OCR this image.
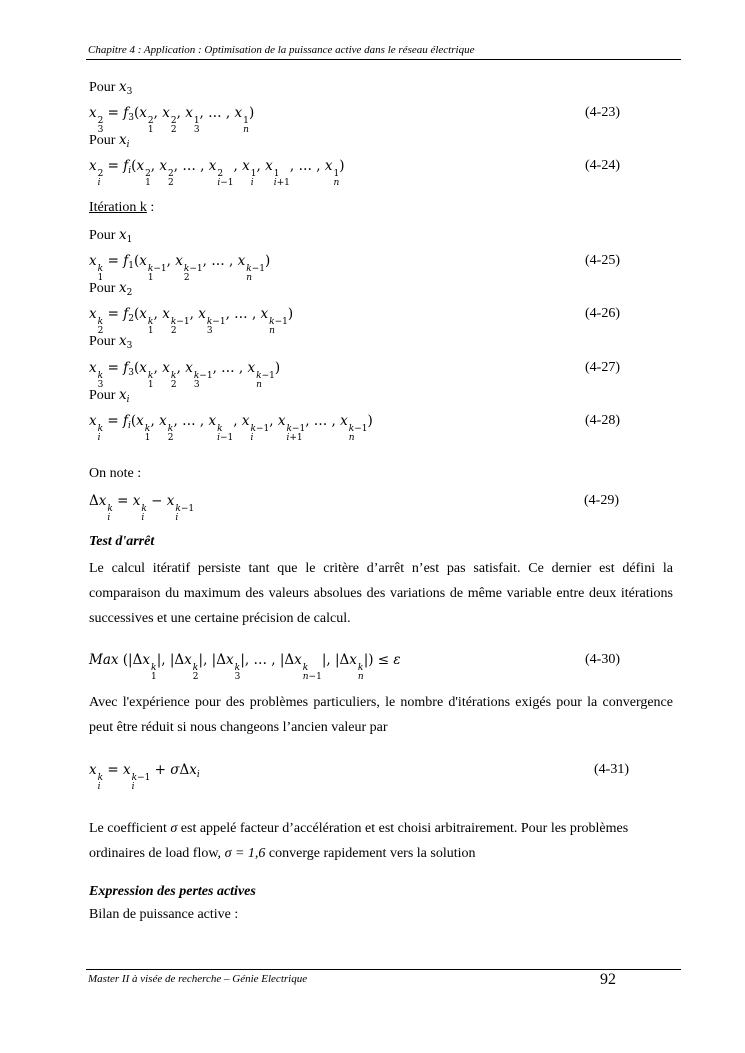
Chapitre 4 : Application : Optimisation de la puissance active dans le réseau électrique
Pour $x_3$
x 2
3
= $f_3(x$ 2
1
, x 2
2
, x 1
3
, … , x 1
n
)	(4-23)
Pour $x_i$
x 2
i
= $f_i(x$ 2
1
, x 2
2
, … , x 2
i−1
, x 1
i
, x 1
i+1
, … , x 1
n
)	(4-24)
Itération k :
Pour $x_1$
x k
1
= $f_1(x$ k−1
1
, x k−1
2
, … , x k−1
n
)	(4-25)
Pour $x_2$
x k
2
= $f_2(x$ k
1
, x k−1
2
, x k−1
3
, … , x k−1
n
)	(4-26)
Pour $x_3$
x k
3
= $f_3(x$ k
1
, x k
2
, x k−1
3
, … , x k−1
n
)	(4-27)
Pour $x_i$
x k
i
= $f_i(x$ k
1
, x k
2
, … , x k
i−1
, x k−1
i
, x k−1
i+1
, … , x k−1
n
)	(4-28)
On note :
Δx k
i
= x k
i
− x k−1
i
(4-29)
Test d'arrêt
Le calcul itératif persiste tant que le critère d’arrêt n’est pas satisfait. Ce dernier est défini la comparaison du maximum des valeurs absolues des variations de même variable entre deux itérations successives et une certaine précision de calcul.
Max (|Δx k
1
|, |Δx k
2
|, |Δx k
3
|, … , |Δx k
n−1
|, |Δx k
n
|) ≤ ε	(4-30)
Avec l'expérience pour des problèmes particuliers, le nombre d'itérations exigés pour la convergence peut être réduit si nous changeons l’ancien valeur par
x k
i
= x k−1
i
+ σΔx$_i$	(4-31)
Le coefficient σ est appelé facteur d’accélération et est choisi arbitrairement. Pour les problèmes
ordinaires de load flow, σ = 1,6 converge rapidement vers la solution
Expression des pertes actives
Bilan de puissance active :
Master II à visée de recherche – Génie Electrique	92
